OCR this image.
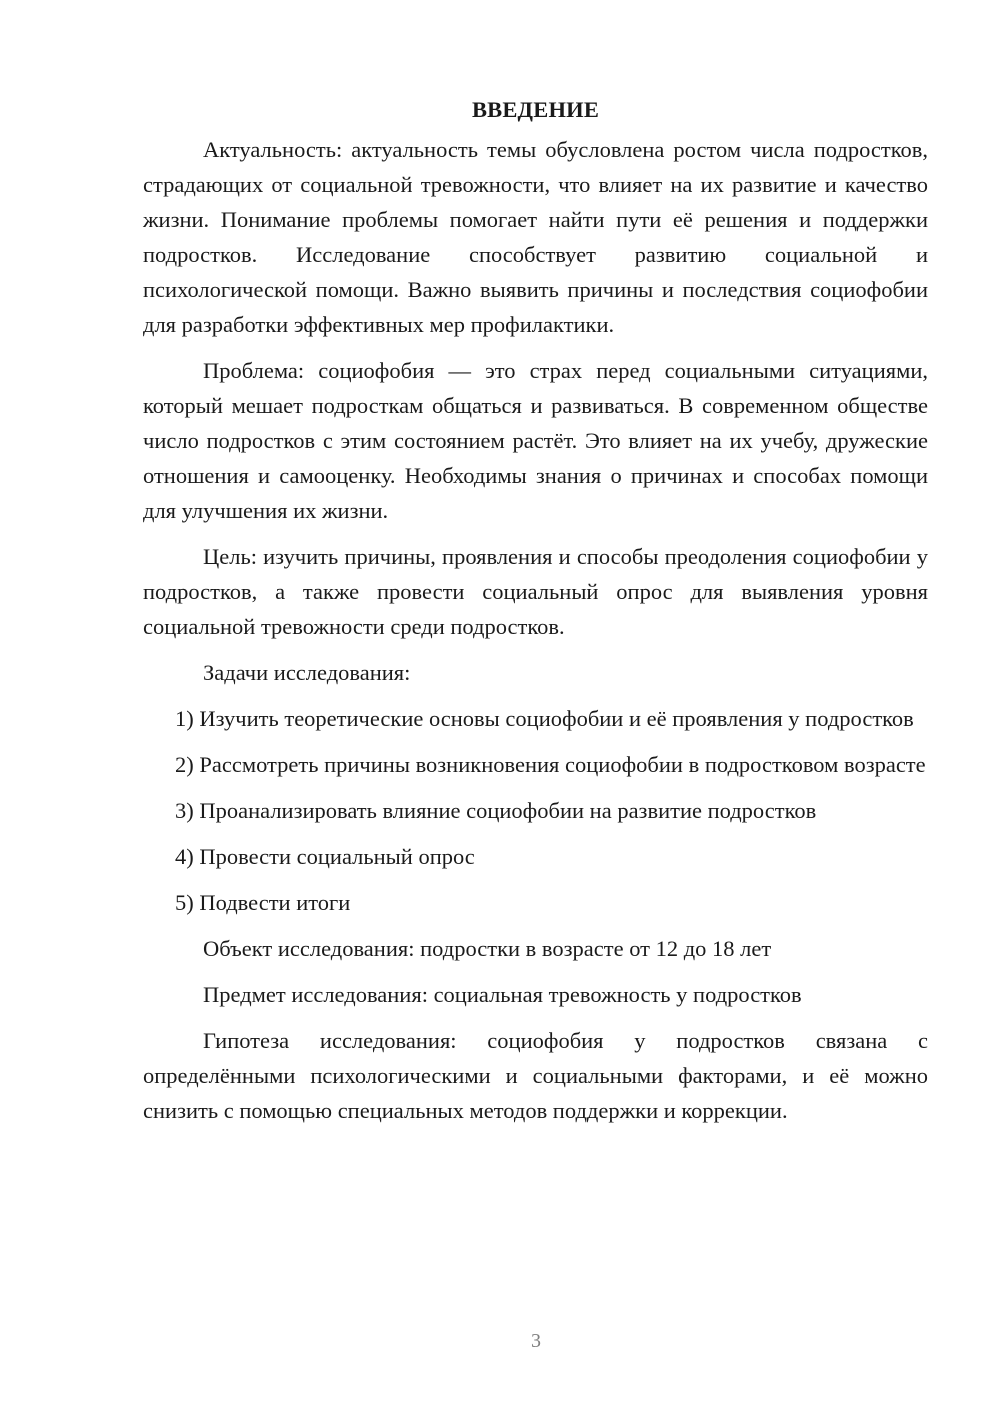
ВВЕДЕНИЕ

Актуальность: актуальность темы обусловлена ростом числа подростков, страдающих от социальной тревожности, что влияет на их развитие и качество жизни. Понимание проблемы помогает найти пути её решения и поддержки подростков. Исследование способствует развитию социальной и психологической помощи. Важно выявить причины и последствия социофобии для разработки эффективных мер профилактики.

Проблема: социофобия — это страх перед социальными ситуациями, который мешает подросткам общаться и развиваться. В современном обществе число подростков с этим состоянием растёт. Это влияет на их учебу, дружеские отношения и самооценку. Необходимы знания о причинах и способах помощи для улучшения их жизни.

Цель: изучить причины, проявления и способы преодоления социофобии у подростков, а также провести социальный опрос для выявления уровня социальной тревожности среди подростков.

Задачи исследования:

1) Изучить теоретические основы социофобии и её проявления у подростков

2) Рассмотреть причины возникновения социофобии в подростковом возрасте

3) Проанализировать влияние социофобии на развитие подростков

4) Провести социальный опрос

5) Подвести итоги

Объект исследования: подростки в возрасте от 12 до 18 лет

Предмет исследования: социальная тревожность у подростков

Гипотеза исследования: социофобия у подростков связана с определёнными психологическими и социальными факторами, и её можно снизить с помощью специальных методов поддержки и коррекции.

3
